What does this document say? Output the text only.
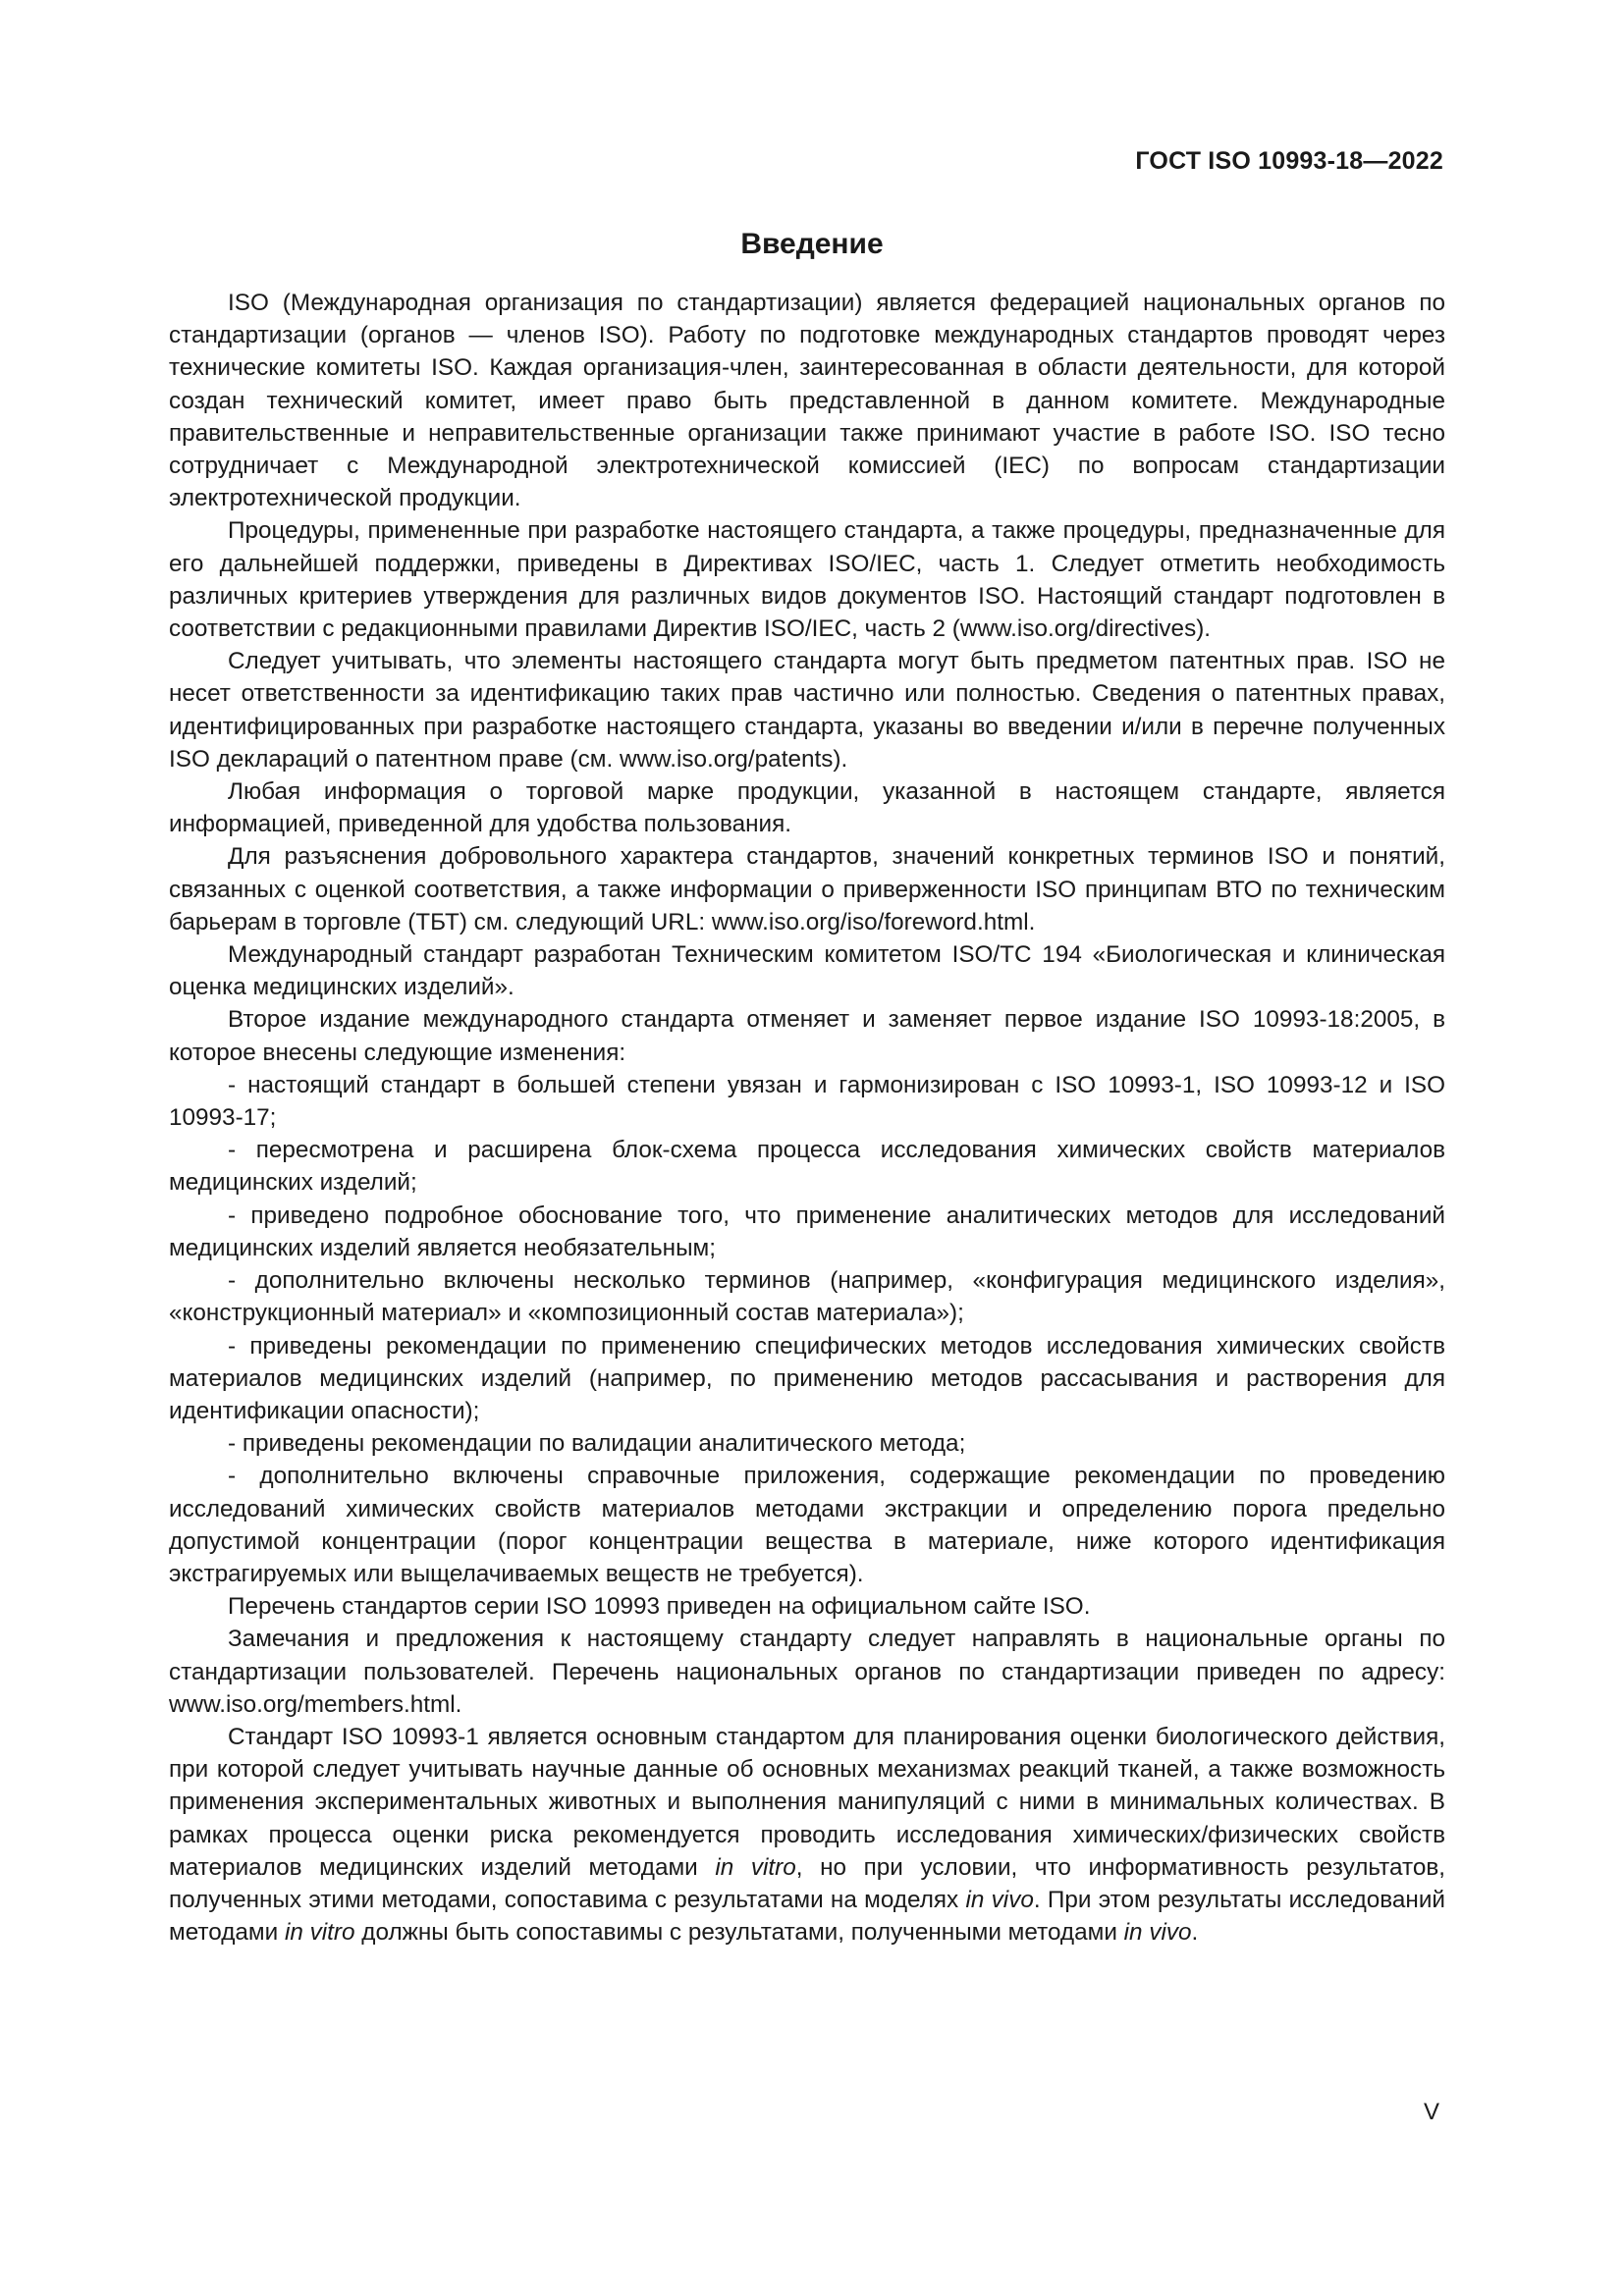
ГОСТ ISO 10993-18—2022
Введение

ISO (Международная организация по стандартизации) является федерацией национальных органов по стандартизации (органов — членов ISO). Работу по подготовке международных стандартов проводят через технические комитеты ISO. Каждая организация-член, заинтересованная в области деятельности, для которой создан технический комитет, имеет право быть представленной в данном комитете. Международные правительственные и неправительственные организации также принимают участие в работе ISO. ISO тесно сотрудничает с Международной электротехнической комиссией (IEC) по вопросам стандартизации электротехнической продукции.

Процедуры, примененные при разработке настоящего стандарта, а также процедуры, предназначенные для его дальнейшей поддержки, приведены в Директивах ISO/IEC, часть 1. Следует отметить необходимость различных критериев утверждения для различных видов документов ISO. Настоящий стандарт подготовлен в соответствии с редакционными правилами Директив ISO/IEC, часть 2 (www.iso.org/directives).

Следует учитывать, что элементы настоящего стандарта могут быть предметом патентных прав. ISO не несет ответственности за идентификацию таких прав частично или полностью. Сведения о патентных правах, идентифицированных при разработке настоящего стандарта, указаны во введении и/или в перечне полученных ISO деклараций о патентном праве (см. www.iso.org/patents).

Любая информация о торговой марке продукции, указанной в настоящем стандарте, является информацией, приведенной для удобства пользования.

Для разъяснения добровольного характера стандартов, значений конкретных терминов ISO и понятий, связанных с оценкой соответствия, а также информации о приверженности ISO принципам ВТО по техническим барьерам в торговле (ТБТ) см. следующий URL: www.iso.org/iso/foreword.html.

Международный стандарт разработан Техническим комитетом ISO/TC 194 «Биологическая и клиническая оценка медицинских изделий».

Второе издание международного стандарта отменяет и заменяет первое издание ISO 10993-18:2005, в которое внесены следующие изменения:

- настоящий стандарт в большей степени увязан и гармонизирован с ISO 10993-1, ISO 10993-12 и ISO 10993-17;

- пересмотрена и расширена блок-схема процесса исследования химических свойств материалов медицинских изделий;

- приведено подробное обоснование того, что применение аналитических методов для исследований медицинских изделий является необязательным;

- дополнительно включены несколько терминов (например, «конфигурация медицинского изделия», «конструкционный материал» и «композиционный состав материала»);

- приведены рекомендации по применению специфических методов исследования химических свойств материалов медицинских изделий (например, по применению методов рассасывания и растворения для идентификации опасности);

- приведены рекомендации по валидации аналитического метода;

- дополнительно включены справочные приложения, содержащие рекомендации по проведению исследований химических свойств материалов методами экстракции и определению порога предельно допустимой концентрации (порог концентрации вещества в материале, ниже которого идентификация экстрагируемых или выщелачиваемых веществ не требуется).

Перечень стандартов серии ISO 10993 приведен на официальном сайте ISO.

Замечания и предложения к настоящему стандарту следует направлять в национальные органы по стандартизации пользователей. Перечень национальных органов по стандартизации приведен по адресу: www.iso.org/members.html.

Стандарт ISO 10993-1 является основным стандартом для планирования оценки биологического действия, при которой следует учитывать научные данные об основных механизмах реакций тканей, а также возможность применения экспериментальных животных и выполнения манипуляций с ними в минимальных количествах. В рамках процесса оценки риска рекомендуется проводить исследования химических/физических свойств материалов медицинских изделий методами in vitro, но при условии, что информативность результатов, полученных этими методами, сопоставима с результатами на моделях in vivo. При этом результаты исследований методами in vitro должны быть сопоставимы с результатами, полученными методами in vivo.

V
